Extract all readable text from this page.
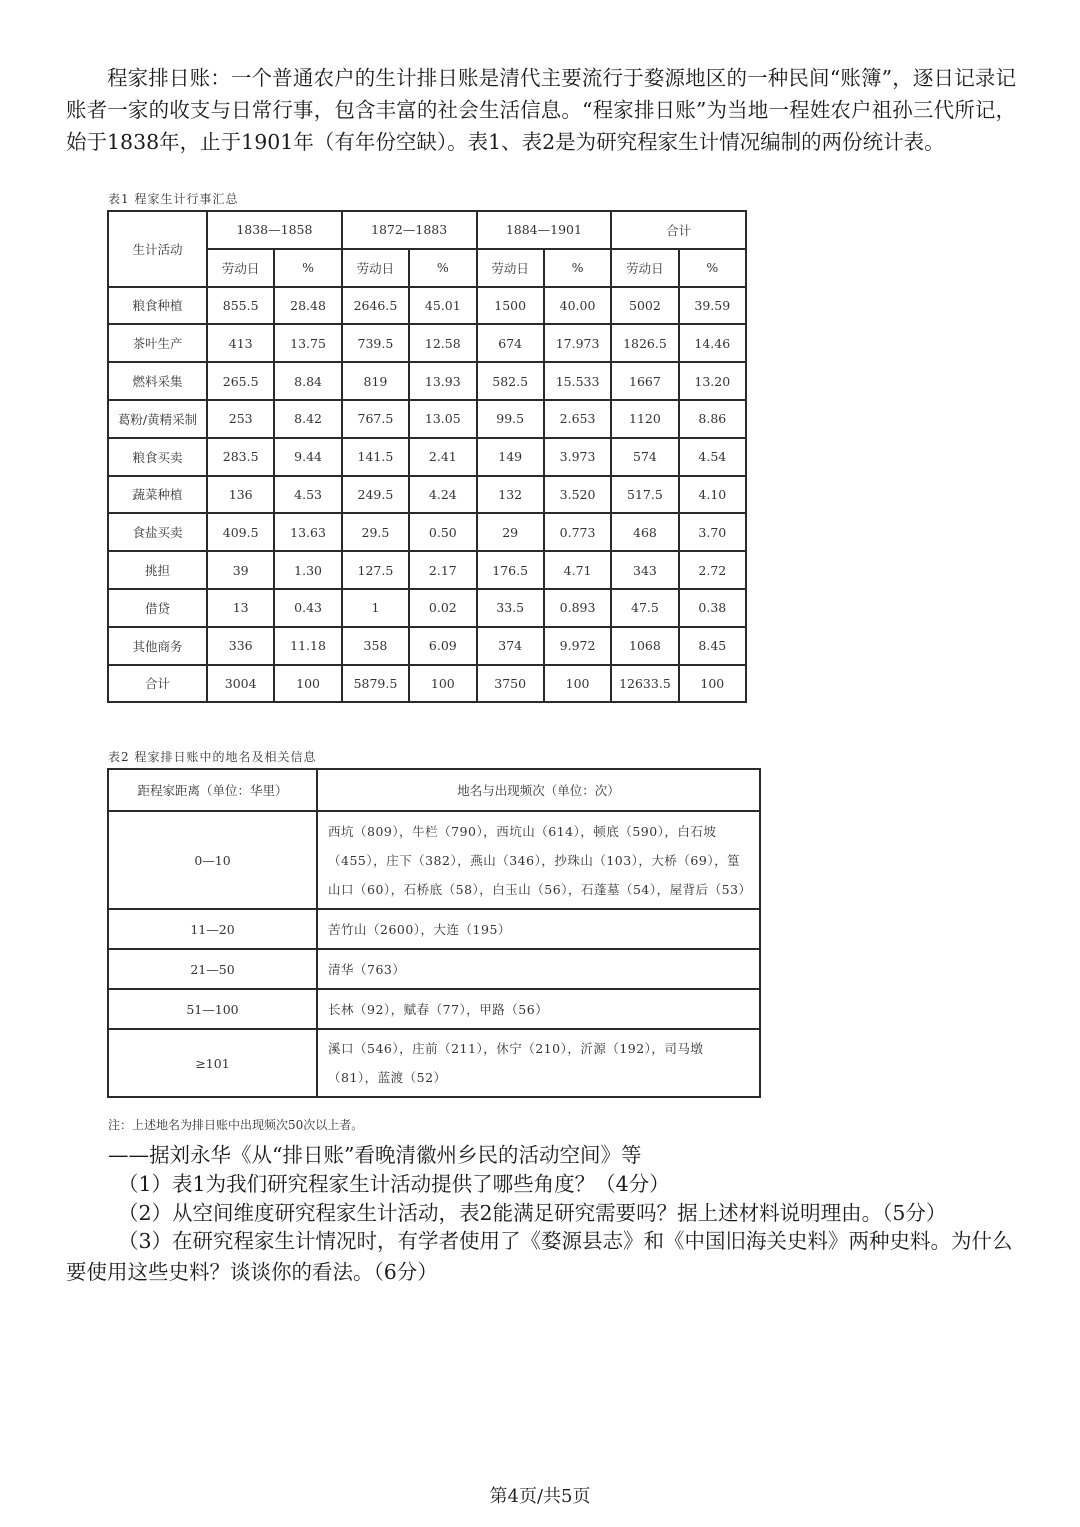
程家排日账：一个普通农户的生计排日账是清代主要流行于婺源地区的一种民间“账簿”，逐日记录记账者一家的收支与日常行事，包含丰富的社会生活信息。“程家排日账”为当地一程姓农户祖孙三代所记，始于1838年，止于1901年（有年份空缺）。表1、表2是为研究程家生计情况编制的两份统计表。

表1 程家生计行事汇总
生计活动	1838—1858		1872—1883		1884—1901		合计	
	劳动日	%	劳动日	%	劳动日	%	劳动日	%
粮食种植	855.5	28.48	2646.5	45.01	1500	40.00	5002	39.59
茶叶生产	413	13.75	739.5	12.58	674	17.973	1826.5	14.46
燃料采集	265.5	8.84	819	13.93	582.5	15.533	1667	13.20
葛粉/黄精采制	253	8.42	767.5	13.05	99.5	2.653	1120	8.86
粮食买卖	283.5	9.44	141.5	2.41	149	3.973	574	4.54
蔬菜种植	136	4.53	249.5	4.24	132	3.520	517.5	4.10
食盐买卖	409.5	13.63	29.5	0.50	29	0.773	468	3.70
挑担	39	1.30	127.5	2.17	176.5	4.71	343	2.72
借贷	13	0.43	1	0.02	33.5	0.893	47.5	0.38
其他商务	336	11.18	358	6.09	374	9.972	1068	8.45
合计	3004	100	5879.5	100	3750	100	12633.5	100
表2 程家排日账中的地名及相关信息
距程家距离（单位：华里）	地名与出现频次（单位：次）
0—10	西坑（809），牛栏（790），西坑山（614），顿底（590），白石坡（455），庄下（382），燕山（346），抄珠山（103），大桥（69），篁山口（60），石桥底（58），白玉山（56），石蓬墓（54），屋背后（53）
11—20	苦竹山（2600），大连（195）
21—50	清华（763）
51—100	长林（92），赋春（77），甲路（56）
≥101	溪口（546），庄前（211），休宁（210），沂源（192），司马墩（81），蓝渡（52）
注：上述地名为排日账中出现频次50次以上者。
——据刘永华《从“排日账”看晚清徽州乡民的活动空间》等

（1）表1为我们研究程家生计活动提供了哪些角度？（4分）

（2）从空间维度研究程家生计活动，表2能满足研究需要吗？据上述材料说明理由。（5分）

（3）在研究程家生计情况时，有学者使用了《婺源县志》和《中国旧海关史料》两种史料。为什么要使用这些史料？谈谈你的看法。（6分）

第4页/共5页
